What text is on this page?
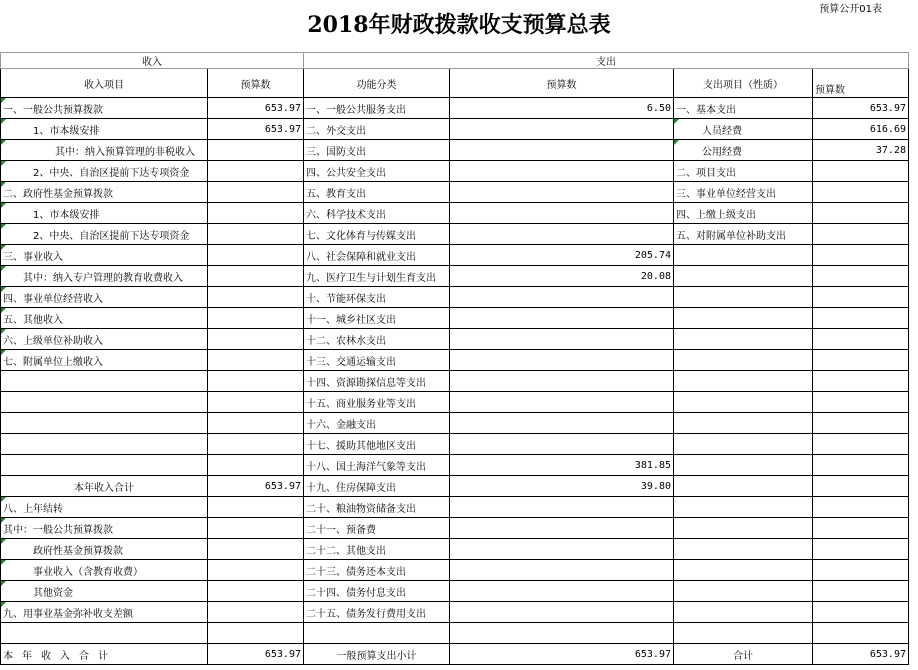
预算公开01表
2018年财政拨款收支预算总表
收入		支出			
收入项目	预算数	功能分类	预算数	支出项目（性质）	预算数
一、一般公共预算拨款	653.97	一、一般公共服务支出	6.50	一、基本支出	653.97
1、市本级安排	653.97	二、外交支出		人员经费	616.69
其中：纳入预算管理的非税收入		三、国防支出		公用经费	37.28
2、中央、自治区提前下达专项资金		四、公共安全支出		二、项目支出	
二、政府性基金预算拨款		五、教育支出		三、事业单位经营支出	
1、市本级安排		六、科学技术支出		四、上缴上级支出	
2、中央、自治区提前下达专项资金		七、文化体育与传媒支出		五、对附属单位补助支出	
三、事业收入		八、社会保障和就业支出	205.74		
其中：纳入专户管理的教育收费收入		九、医疗卫生与计划生育支出	20.08		
四、事业单位经营收入		十、节能环保支出			
五、其他收入		十一、城乡社区支出			
六、上级单位补助收入		十二、农林水支出			
七、附属单位上缴收入		十三、交通运输支出			
		十四、资源勘探信息等支出			
		十五、商业服务业等支出			
		十六、金融支出			
		十七、援助其他地区支出			
		十八、国土海洋气象等支出	381.85		
本年收入合计	653.97	十九、住房保障支出	39.80		
八、上年结转		二十、粮油物资储备支出			
其中：一般公共预算拨款		二十一、预备费			
政府性基金预算拨款		二十二、其他支出			
事业收入（含教育收费）		二十三、债务还本支出			
其他资金		二十四、债务付息支出			
九、用事业基金弥补收支差额		二十五、债务发行费用支出			

本年收入合计	653.97	一般预算支出小计	653.97	合计	653.97
